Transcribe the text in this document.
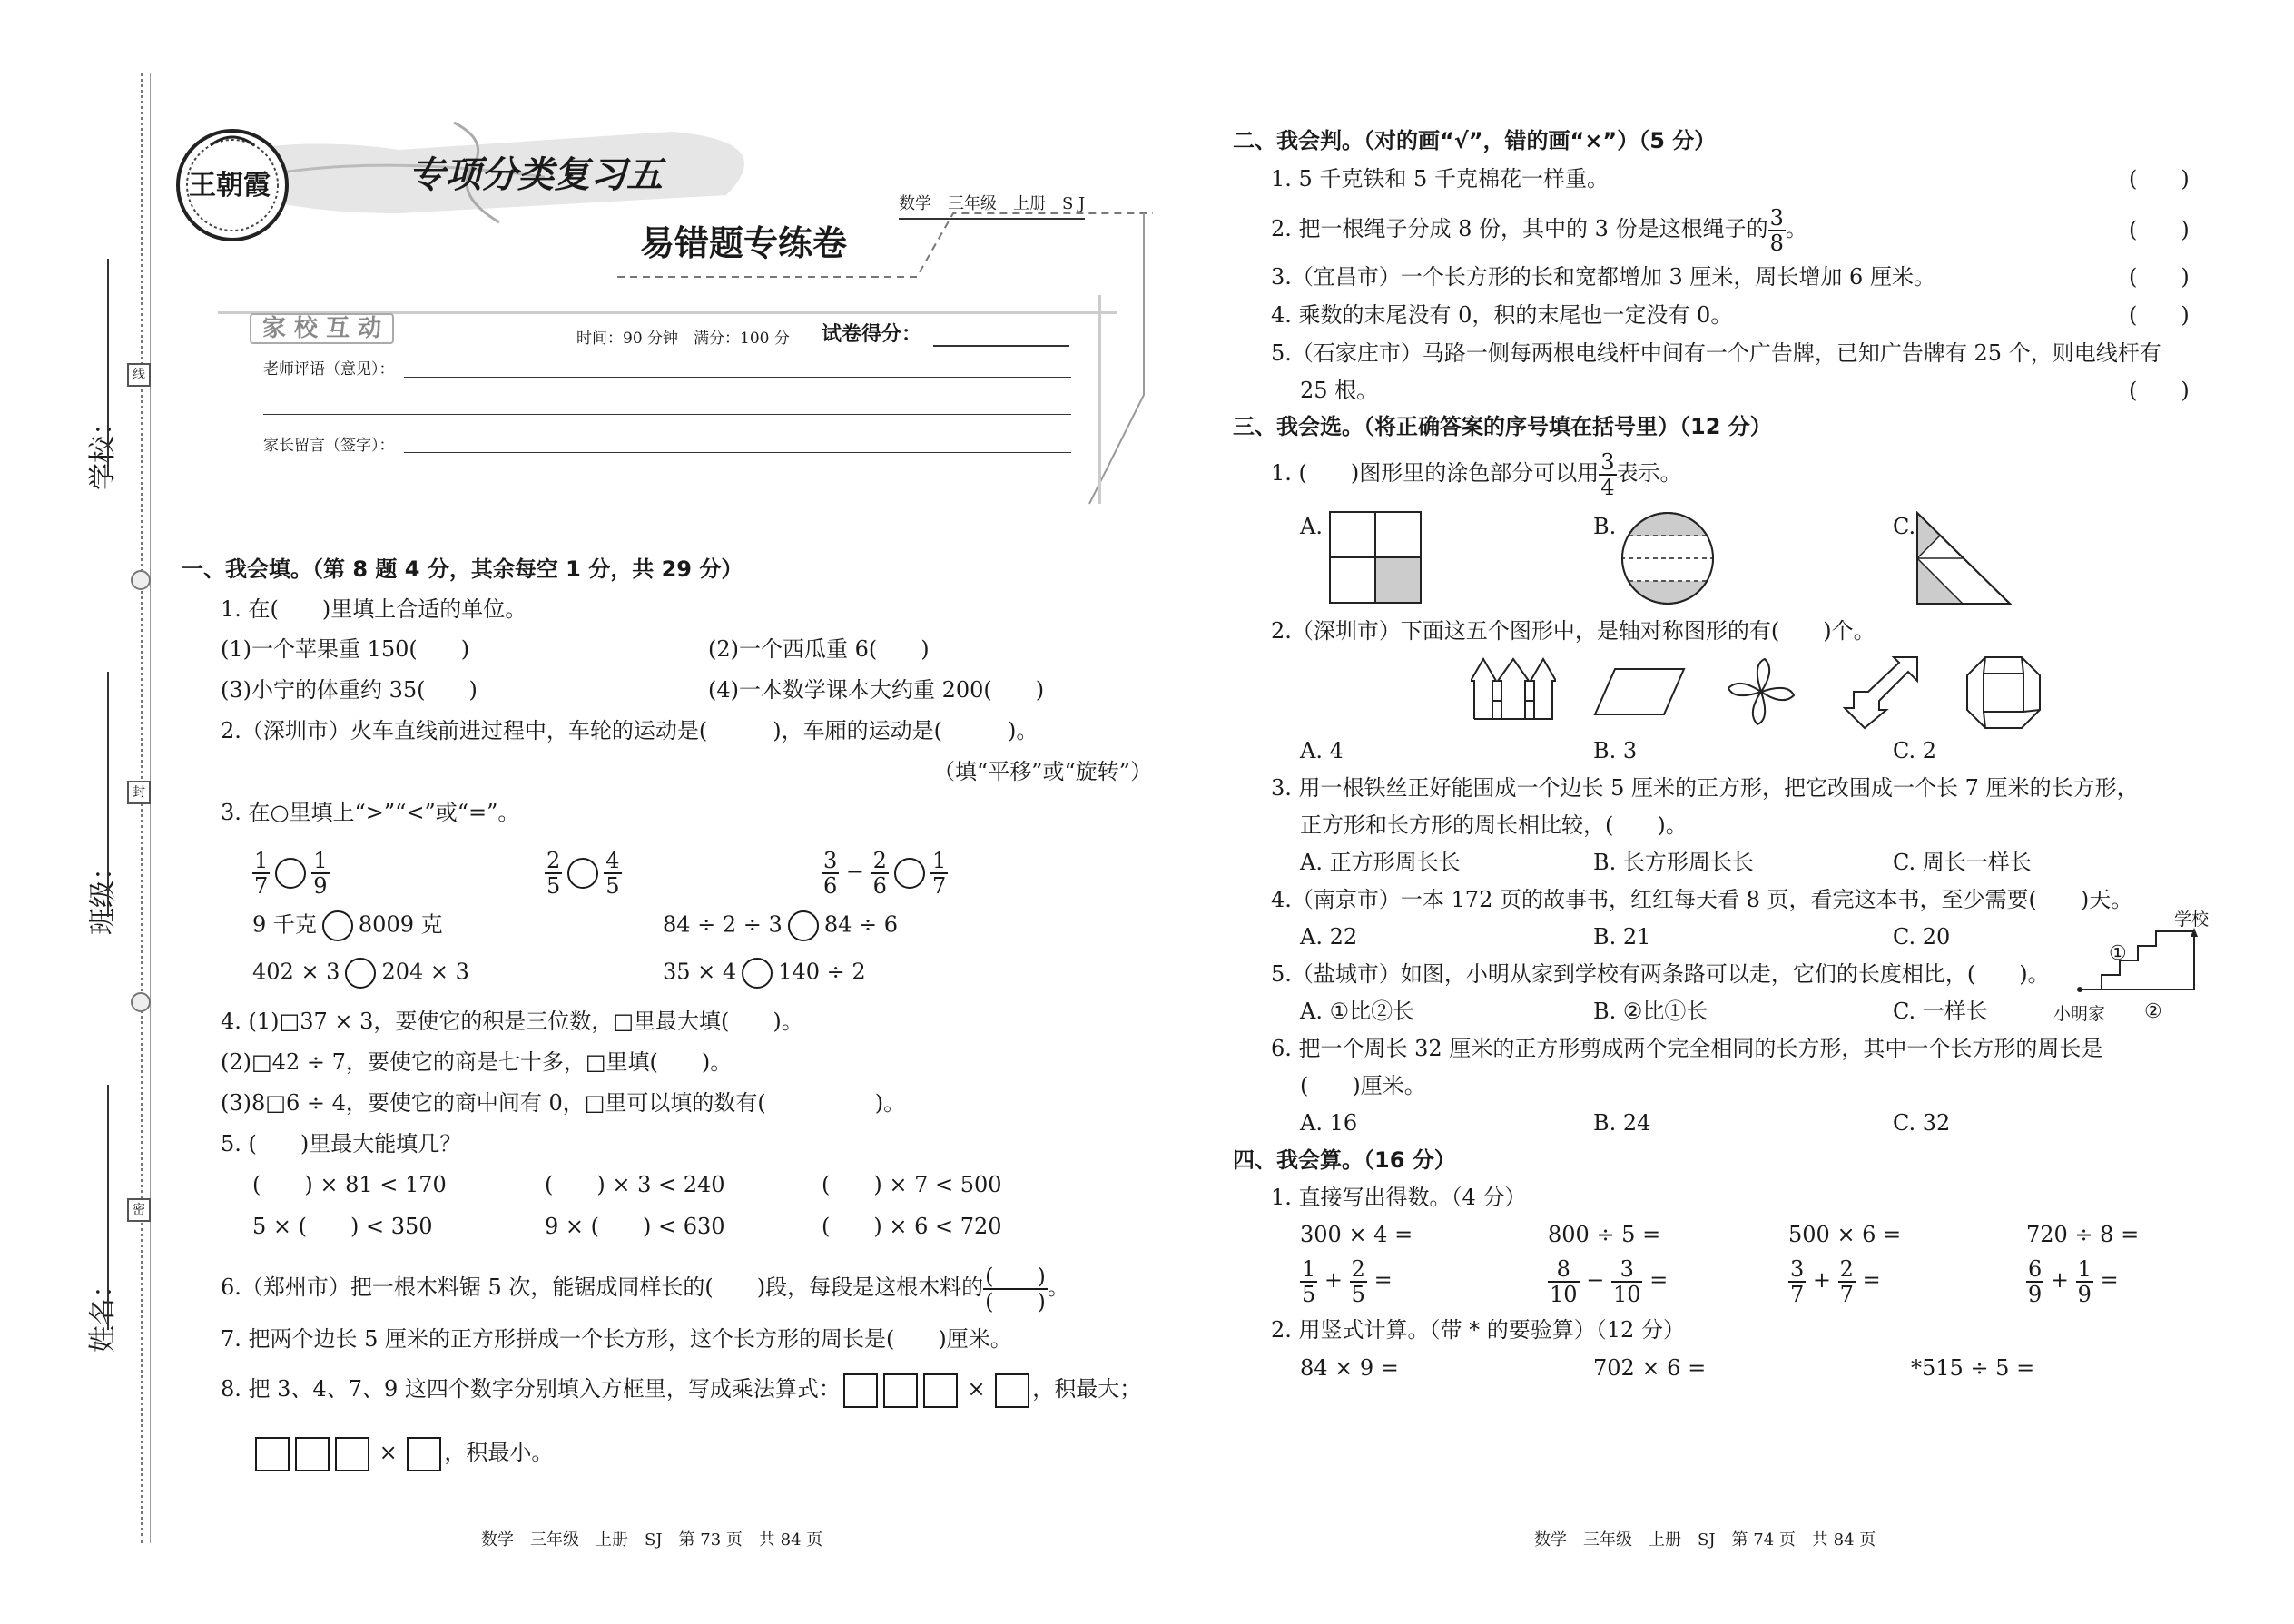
线
封
密
学校：
班级：
姓名：
王朝霞	专项分类复习五
易错题专练卷
数学　三年级　上册　S J
家 校 互 动	时间：90 分钟　满分：100 分 试卷得分：
老师评语（意见）：
家长留言（签字）：
一、我会填。（第 8 题 4 分，其余每空 1 分，共 29 分）
1. 在(　　)里填上合适的单位。
(1)一个苹果重 150(　　)	(2)一个西瓜重 6(　　)
(3)小宁的体重约 35(　　)	(4)一本数学课本大约重 200(　　)
2.（深圳市）火车直线前进过程中，车轮的运动是(　　　)，车厢的运动是(　　　)。
（填“平移”或“旋转”）
3. 在○里填上“>”“<”或“=”。
$\frac{1}{7} \frac{1}{9}$	$\frac{2}{5} \frac{4}{5}$	$\frac{3}{6} - \frac{2}{6} \frac{1}{7}$
9 千克 8009 克	84 ÷ 2 ÷ 3 84 ÷ 6
402 × 3 204 × 3	35 × 4 140 ÷ 2
4. (1)□37 × 3，要使它的积是三位数，□里最大填(　　)。
(2)□42 ÷ 7，要使它的商是七十多，□里填(　　)。
(3)8□6 ÷ 4，要使它的商中间有 0，□里可以填的数有(　　　　　)。
5. (　　)里最大能填几？
(　　) × 81 < 170	(　　) × 3 < 240	(　　) × 7 < 500
5 × (　　) < 350	9 × (　　) < 630	(　　) × 6 < 720
6.（郑州市）把一根木料锯 5 次，能锯成同样长的(　　)段，每段是这根木料的 $\frac{( )}{( )}$ 。
7. 把两个边长 5 厘米的正方形拼成一个长方形，这个长方形的周长是(　　)厘米。
8. 把 3、4、7、9 这四个数字分别填入方框里，写成乘法算式：	× ，积最大；
× ，积最小。
数学　三年级　上册　SJ　第 73 页　共 84 页
二、我会判。（对的画“√”，错的画“×”）（5 分）
1. 5 千克铁和 5 千克棉花一样重。	(　　)
2. 把一根绳子分成 8 份，其中的 3 份是这根绳子的 $\frac{3}{8}$ 。	(　　)
3.（宜昌市）一个长方形的长和宽都增加 3 厘米，周长增加 6 厘米。	(　　)
4. 乘数的末尾没有 0，积的末尾也一定没有 0。	(　　)
5.（石家庄市）马路一侧每两根电线杆中间有一个广告牌，已知广告牌有 25 个，则电线杆有
25 根。	(　　)
三、我会选。（将正确答案的序号填在括号里）（12 分）
1. (　　)图形里的涂色部分可以用 $\frac{3}{4}$ 表示。
A.	B.	C.
2.（深圳市）下面这五个图形中，是轴对称图形的有(　　)个。
A. 4	B. 3	C. 2
3. 用一根铁丝正好能围成一个边长 5 厘米的正方形，把它改围成一个长 7 厘米的长方形，
正方形和长方形的周长相比较，(　　)。
A. 正方形周长长	B. 长方形周长长	C. 周长一样长
4.（南京市）一本 172 页的故事书，红红每天看 8 页，看完这本书，至少需要(　　)天。
A. 22	B. 21	C. 20
5.（盐城市）如图，小明从家到学校有两条路可以走，它们的长度相比，(　　)。
A. ①比②长	B. ②比①长	C. 一样长
学校
小明家
①
②
6. 把一个周长 32 厘米的正方形剪成两个完全相同的长方形，其中一个长方形的周长是
(　　)厘米。
A. 16	B. 24	C. 32
四、我会算。（16 分）
1. 直接写出得数。（4 分）
300 × 4 =	800 ÷ 5 =	500 × 6 =	720 ÷ 8 =
$\frac{1}{5} + \frac{2}{5}$ =	$\frac{8}{10} - \frac{3}{10}$ =	$\frac{3}{7} + \frac{2}{7}$ =	$\frac{6}{9} + \frac{1}{9}$ =
2. 用竖式计算。（带 * 的要验算）（12 分）
84 × 9 =	702 × 6 =	*515 ÷ 5 =
数学　三年级　上册　SJ　第 74 页　共 84 页
